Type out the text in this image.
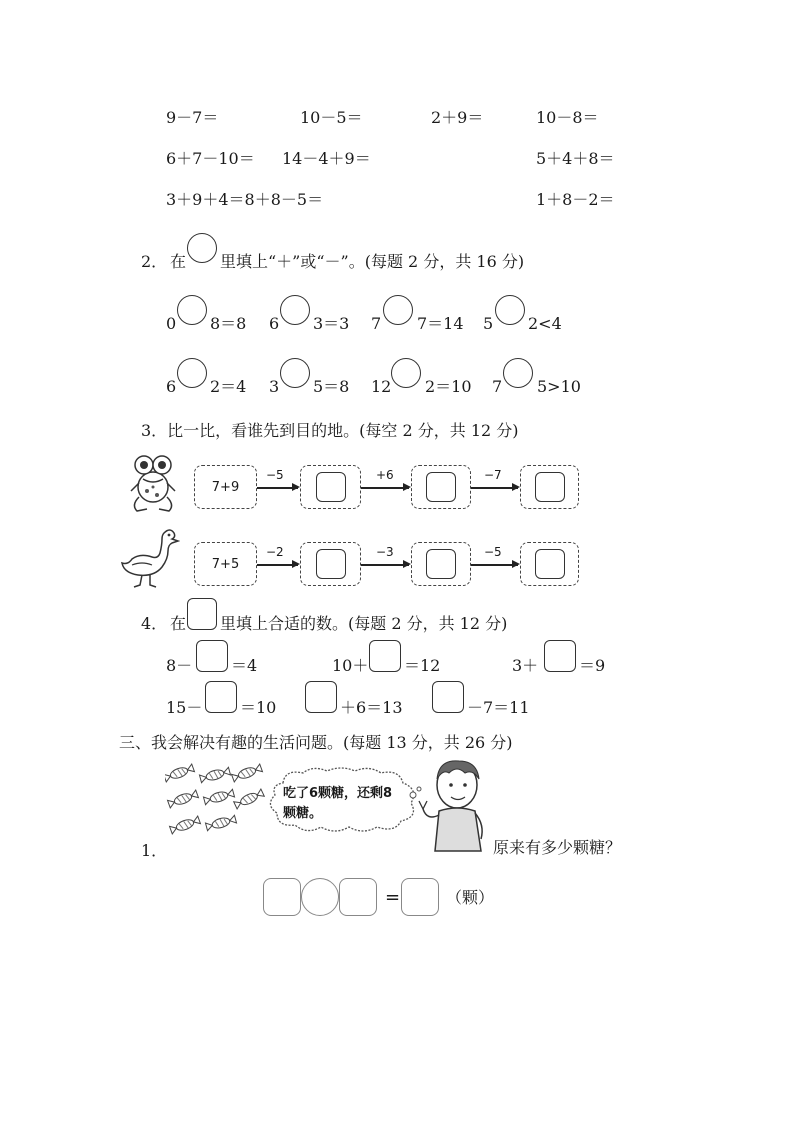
9－7＝	10－5＝	2＋9＝	10－8＝
6＋7－10＝ 14－4＋9＝	5＋4＋8＝
3＋9＋4＝8＋8－5＝	1＋8－2＝
2． 在 里填上“＋”或“－”。(每题 2 分，共 16 分)
0 8＝8 6 3＝3 7 7＝14 5 2<4
6 2＝4 3 5＝8 12 2＝10 7 5>10
3．比一比，看谁先到目的地。(每空 2 分，共 12 分)
7+9
−5	+6	−7
7+5
−2	−3	−5
4． 在 里填上合适的数。(每题 2 分，共 12 分)
8－ ＝4	10＋ ＝12	3＋	＝9
15－ ＝10	＋6＝13	－7＝11
三、我会解决有趣的生活问题。(每题 13 分，共 26 分)
吃了6颗糖，还剩8颗糖。
1．	原来有多少颗糖？
=	（颗）
